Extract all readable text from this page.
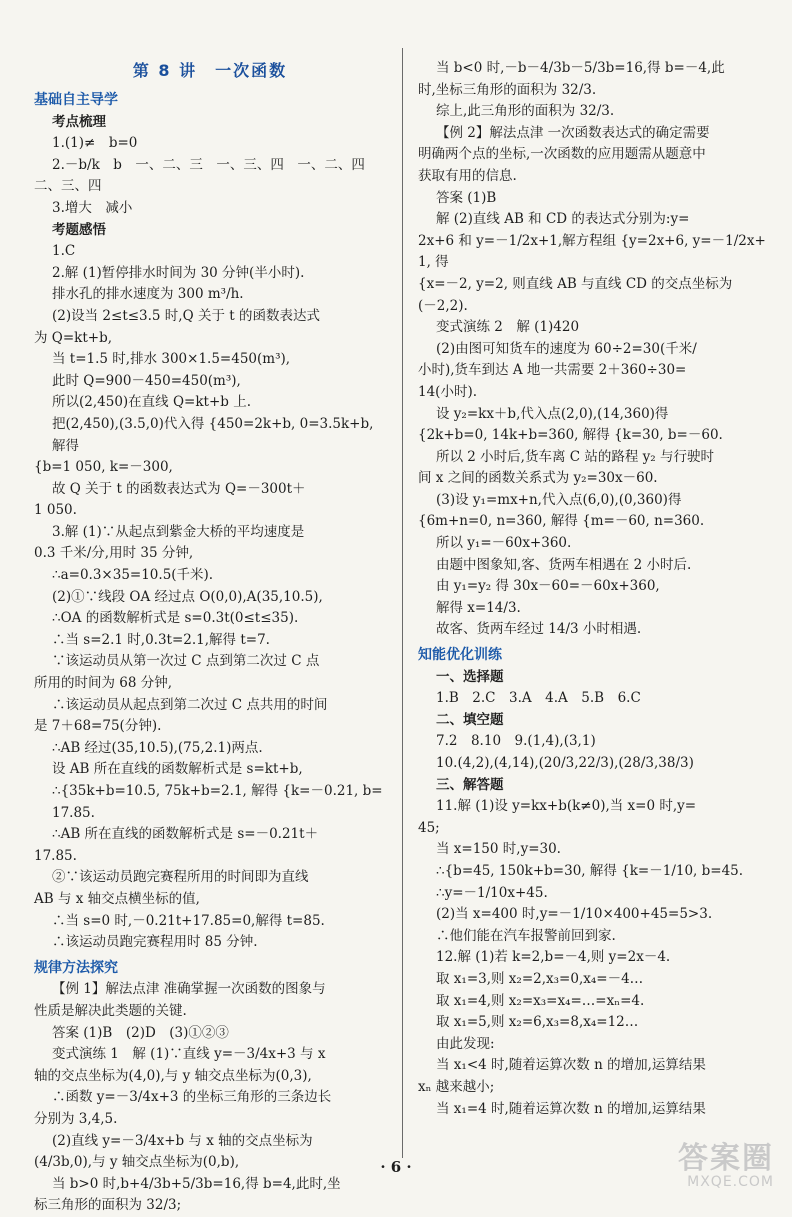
第 8 讲　一次函数
基础自主导学
考点梳理
1.(1)≠　b=0
2.－b/k　b　一、二、三　一、三、四　一、二、四
二、三、四
3.增大　减小
考题感悟
1.C
2.解 (1)暂停排水时间为 30 分钟(半小时).
排水孔的排水速度为 300 m³/h.
(2)设当 2≤t≤3.5 时,Q 关于 t 的函数表达式
为 Q=kt+b,
当 t=1.5 时,排水 300×1.5=450(m³),
此时 Q=900－450=450(m³),
所以(2,450)在直线 Q=kt+b 上.
把(2,450),(3.5,0)代入得 {450=2k+b, 0=3.5k+b, 解得
{b=1 050, k=－300,
故 Q 关于 t 的函数表达式为 Q=－300t＋
1 050.
3.解 (1)∵从起点到紫金大桥的平均速度是
0.3 千米/分,用时 35 分钟,
∴a=0.3×35=10.5(千米).
(2)①∵线段 OA 经过点 O(0,0),A(35,10.5),
∴OA 的函数解析式是 s=0.3t(0≤t≤35).
∴当 s=2.1 时,0.3t=2.1,解得 t=7.
∵该运动员从第一次过 C 点到第二次过 C 点
所用的时间为 68 分钟,
∴该运动员从起点到第二次过 C 点共用的时间
是 7＋68=75(分钟).
∴AB 经过(35,10.5),(75,2.1)两点.
设 AB 所在直线的函数解析式是 s=kt+b,
∴{35k+b=10.5, 75k+b=2.1, 解得 {k=－0.21, b=17.85.
∴AB 所在直线的函数解析式是 s=－0.21t＋
17.85.
②∵该运动员跑完赛程所用的时间即为直线
AB 与 x 轴交点横坐标的值,
∴当 s=0 时,－0.21t+17.85=0,解得 t=85.
∴该运动员跑完赛程用时 85 分钟.
规律方法探究
【例 1】解法点津 准确掌握一次函数的图象与
性质是解决此类题的关键.
答案 (1)B　(2)D　(3)①②③
变式演练 1　解 (1)∵直线 y=－3/4x+3 与 x
轴的交点坐标为(4,0),与 y 轴交点坐标为(0,3),
∴函数 y=－3/4x+3 的坐标三角形的三条边长
分别为 3,4,5.
(2)直线 y=－3/4x+b 与 x 轴的交点坐标为
(4/3b,0),与 y 轴交点坐标为(0,b),
当 b>0 时,b+4/3b+5/3b=16,得 b=4,此时,坐
标三角形的面积为 32/3;
当 b<0 时,－b－4/3b－5/3b=16,得 b=－4,此
时,坐标三角形的面积为 32/3.
综上,此三角形的面积为 32/3.
【例 2】解法点津 一次函数表达式的确定需要
明确两个点的坐标,一次函数的应用题需从题意中
获取有用的信息.
答案 (1)B
解 (2)直线 AB 和 CD 的表达式分别为:y=
2x+6 和 y=－1/2x+1,解方程组 {y=2x+6, y=－1/2x+1, 得
{x=－2, y=2, 则直线 AB 与直线 CD 的交点坐标为
(－2,2).
变式演练 2　解 (1)420
(2)由图可知货车的速度为 60÷2=30(千米/
小时),货车到达 A 地一共需要 2＋360÷30=
14(小时).
设 y₂=kx＋b,代入点(2,0),(14,360)得
{2k+b=0, 14k+b=360, 解得 {k=30, b=－60.
所以 2 小时后,货车离 C 站的路程 y₂ 与行驶时
间 x 之间的函数关系式为 y₂=30x－60.
(3)设 y₁=mx+n,代入点(6,0),(0,360)得
{6m+n=0, n=360, 解得 {m=－60, n=360.
所以 y₁=－60x+360.
由题中图象知,客、货两车相遇在 2 小时后.
由 y₁=y₂ 得 30x－60=－60x+360,
解得 x=14/3.
故客、货两车经过 14/3 小时相遇.
知能优化训练
一、选择题
1.B　2.C　3.A　4.A　5.B　6.C
二、填空题
7.2　8.10　9.(1,4),(3,1)
10.(4,2),(4,14),(20/3,22/3),(28/3,38/3)
三、解答题
11.解 (1)设 y=kx+b(k≠0),当 x=0 时,y=
45;
当 x=150 时,y=30.
∴{b=45, 150k+b=30, 解得 {k=－1/10, b=45.
∴y=－1/10x+45.
(2)当 x=400 时,y=－1/10×400+45=5>3.
∴他们能在汽车报警前回到家.
12.解 (1)若 k=2,b=－4,则 y=2x－4.
取 x₁=3,则 x₂=2,x₃=0,x₄=－4…
取 x₁=4,则 x₂=x₃=x₄=…=xₙ=4.
取 x₁=5,则 x₂=6,x₃=8,x₄=12…
由此发现:
当 x₁<4 时,随着运算次数 n 的增加,运算结果
xₙ 越来越小;
当 x₁=4 时,随着运算次数 n 的增加,运算结果
· 6 ·	答案圈
MXQE.COM
